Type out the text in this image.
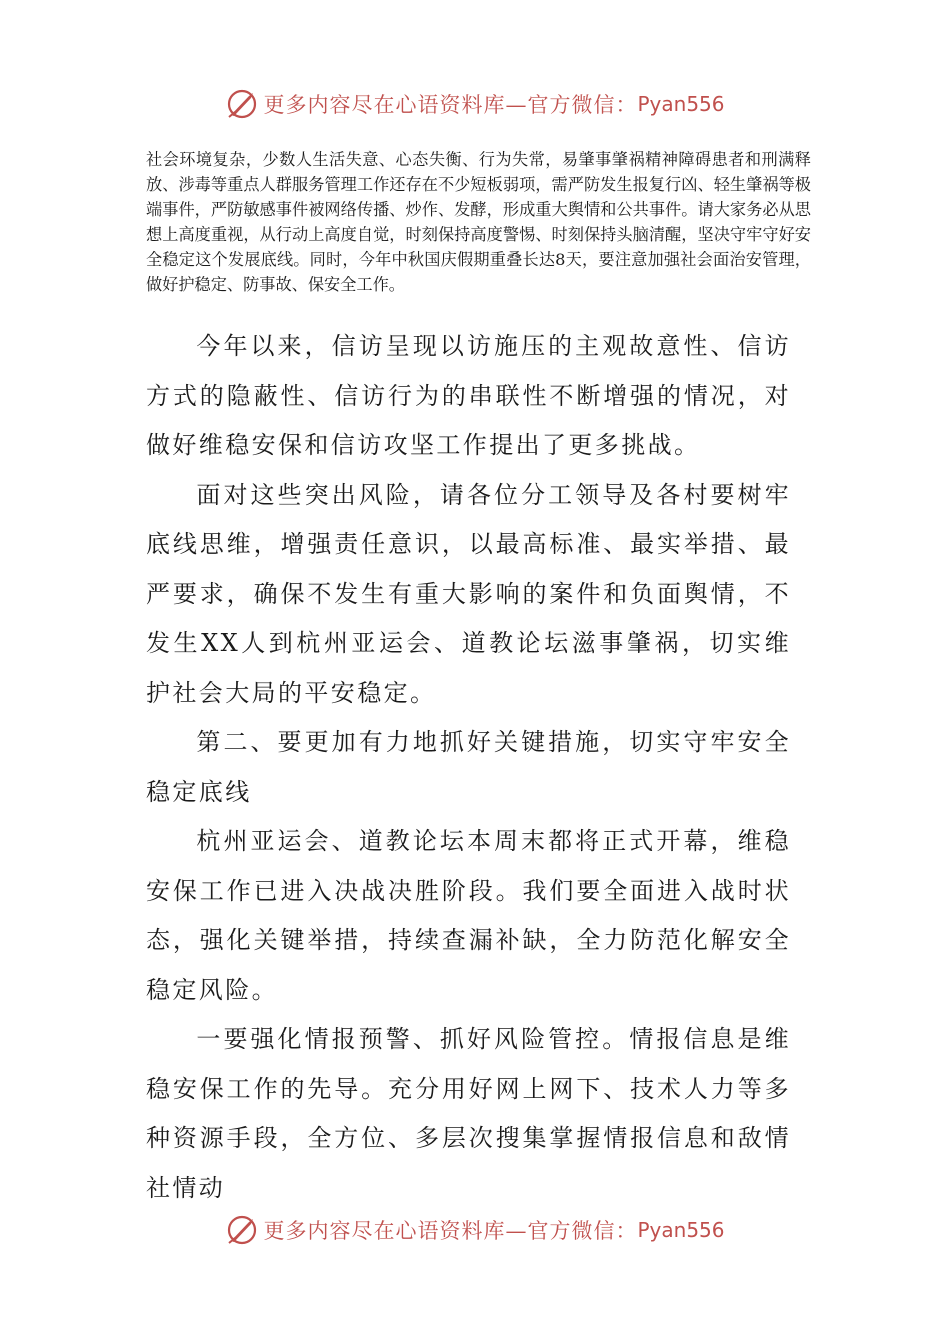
更多内容尽在心语资料库—官方微信： Pyan556

社会环境复杂，少数人生活失意、心态失衡、行为失常，易肇事肇祸精神障碍患者和刑满释放、涉毒等重点人群服务管理工作还存在不少短板弱项，需严防发生报复行凶、轻生肇祸等极端事件，严防敏感事件被网络传播、炒作、发酵，形成重大舆情和公共事件。请大家务必从思想上高度重视，从行动上高度自觉，时刻保持高度警惕、时刻保持头脑清醒，坚决守牢守好安全稳定这个发展底线。同时，今年中秋国庆假期重叠长达8天，要注意加强社会面治安管理，做好护稳定、防事故、保安全工作。

今年以来，信访呈现以访施压的主观故意性、信访方式的隐蔽性、信访行为的串联性不断增强的情况，对做好维稳安保和信访攻坚工作提出了更多挑战。

面对这些突出风险，请各位分工领导及各村要树牢底线思维，增强责任意识，以最高标准、最实举措、最严要求，确保不发生有重大影响的案件和负面舆情，不发生XX人到杭州亚运会、道教论坛滋事肇祸，切实维护社会大局的平安稳定。

第二、要更加有力地抓好关键措施，切实守牢安全稳定底线

杭州亚运会、道教论坛本周末都将正式开幕，维稳安保工作已进入决战决胜阶段。我们要全面进入战时状态，强化关键举措，持续查漏补缺，全力防范化解安全稳定风险。

一要强化情报预警、抓好风险管控。情报信息是维稳安保工作的先导。充分用好网上网下、技术人力等多种资源手段，全方位、多层次搜集掌握情报信息和敌情社情动

更多内容尽在心语资料库—官方微信： Pyan556
